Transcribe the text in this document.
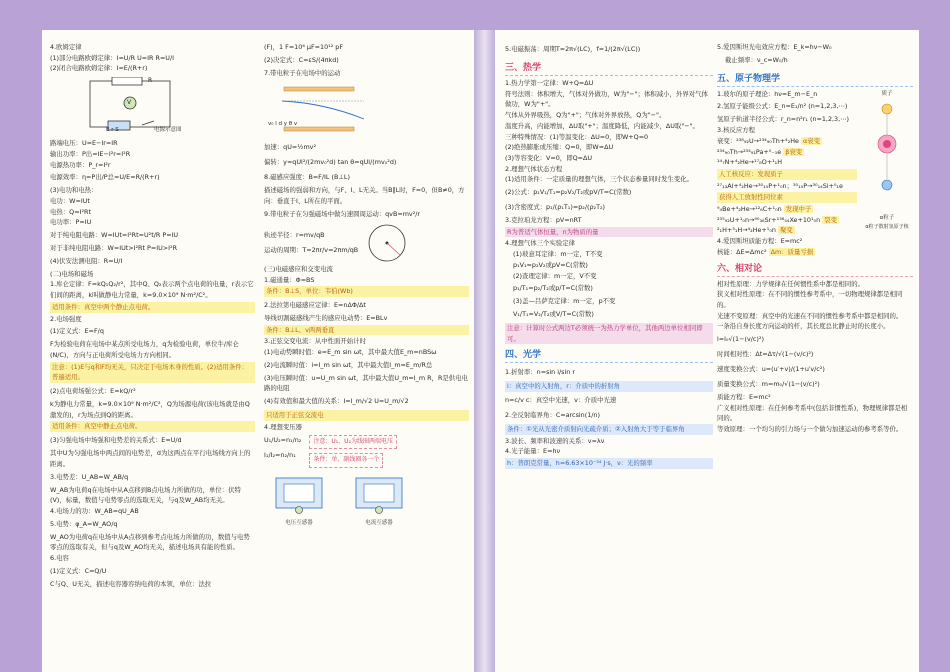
4.欧姆定律
(1)部分电路欧姆定律：I=U/R U=IR R=U/I
(2)闭合电路欧姆定律：I=E/(R+r)
R
V
E r S	电源示意图
路端电压：U=E−Ir=IR
输出功率：P出=IE−I²r=I²R
电源热功率：P_r=I²r
电源效率：η=P出/P总=U/E=R/(R+r)
(3)电功和电热：
电功：W=IUt
电热：Q=I²Rt
电功率：P=IU
对于纯电阻电路：W=IUt=I²Rt=U²t/R P=IU
对于非纯电阻电路：W=IUt>I²Rt P=IU>I²R
(4)伏安法测电阻：R=U/I
(二)电场和磁场
1.库仑定律：F=kQ₁Q₂/r²，其中Q、Q₂表示两个点电荷的电量，r表示它们间的距离，k叫做静电力常量，k=9.0×10⁹ N·m²/C²。
适用条件：真空中两个静止点电荷。
2.电场强度
(1)定义式：E=F/q
F为检验电荷在电场中某点所受电场力，q为检验电荷，单位牛/库仑(N/C)，方向与正电荷所受电场力方向相同。
注意：(1)E与q和F均无关，只决定于电场本身的性质。(2)适用条件：普遍适用。
(2)点电荷场强公式：E=kQ/r²
k为静电力常量，k=9.0×10⁹ N·m²/C²，Q为场源电荷(该电场就是由Q激发的)，r为场点到Q的距离。
适用条件：真空中静止点电荷。
(3)匀强电场中场强和电势差的关系式：E=U/d
其中U为匀强电场中两点间的电势差，d为这两点在平行电场线方向上的距离。
3.电势差：U_AB=W_AB/q
W_AB为电荷q在电场中从A点移到B点电场力所做的功，单位：伏特(V)，标量，数值与电势零点的选取无关，与q及W_AB均无关。
4.电场力的功：W_AB=qU_AB
5.电势：φ_A=W_AO/q
W_AO为电荷q在电场中从A点移到参考点电场力所做的功，数值与电势零点的选取有关，但与q及W_AO均无关，描述电场具有能的性质。
6.电容
(1)定义式：C=Q/U
C与Q、U无关，描述电容器容纳电荷的本领，单位：法拉
(F)，1 F=10⁶ μF=10¹² pF
(2)决定式：C=εS/(4πkd)
7.带电粒子在电场中的运动
v₀ l d y θ v
加速：qU=½mv²
偏转：y=qUl²/(2mv₀²d) tan θ=qUl/(mv₀²d)
8.磁感应强度：B=F/IL (B⊥L)
描述磁场的强弱和方向，与F、I、L无关。当B∥L时，F=0，但B≠0，方向：垂直于I、L所在的平面。
9.带电粒子在匀强磁场中做匀速圆周运动：qvB=mv²/r
轨迹半径：r=mv/qB
运动的周期：T=2πr/v=2πm/qB
(三)电磁感应和交变电流
1.磁通量：Φ=BS
条件：B⊥S，单位：韦伯(Wb)
2.法拉第电磁感应定律：E=nΔΦ/Δt
导线切割磁感线产生的感应电动势：E=BLv
条件：B⊥L、v两两垂直
3.正弦交变电流：从中性面开始计时
(1)电动势瞬时值：e=E_m sin ωt，其中最大值E_m=nBSω
(2)电流瞬时值：i=I_m sin ωt，其中最大值I_m=E_m/R总
(3)电压瞬时值：u=U_m sin ωt，其中最大值U_m=I_m R，R是供电电路的电阻
(4)有效值和最大值的关系：I=I_m/√2 U=U_m/√2
只适用于正弦交流电
4.理想变压器
U₁/U₂=n₁/n₂
I₁/I₂=n₂/n₁
注意：U₁、U₂为线圈两端电压
条件：单、副线圈各一个
电压互感器	电流互感器
5.电磁振荡：周期T=2π√(LC)，f=1/(2π√(LC))
三、热学
1.热力学第一定律：W+Q=ΔU
符号法则：体积增大，气体对外做功，W为"−"；体积减小，外界对气体做功，W为"+"。
气体从外界吸热，Q为"+"；气体对外界放热，Q为"−"。
温度升高，内能增加，ΔU取"+"；温度降低，内能减少，ΔU取"−"。
三种特殊情况：(1)等温变化：ΔU=0，即W+Q=0
(2)绝热膨胀或压缩：Q=0，即W=ΔU
(3)等容变化：V=0，即Q=ΔU
2.理想气体状态方程
(1)适用条件：一定质量的理想气体，三个状态参量同时发生变化。
(2)公式：p₁V₁/T₁=p₂V₂/T₂或pV/T=C(常数)
(3)含密度式：p₁/(ρ₁T₁)=p₂/(ρ₂T₂)
3.克拉珀龙方程：pV=nRT
R为普适气体恒量，n为物质的量
4.理想气体三个实验定律
(1)玻意耳定律：m一定，T不变
p₁V₁=p₂V₂或pV=C(常数)
(2)查理定律：m一定，V不变
p₁/T₁=p₂/T₂或p/T=C(常数)
(3)盖—吕萨克定律：m一定，p不变
V₁/T₁=V₂/T₂或V/T=C(常数)
注意：计算时公式两边T必须统一为热力学单位，其他两边单位相同即可。
四、光学
1.折射率：n=sin i/sin r
i：真空中的入射角，r：介质中的折射角
n=c/v c：真空中光速，v：介质中光速
2.全反射临界角：C=arcsin(1/n)
条件：①光从光密介质射向光疏介质；②入射角大于等于临界角
3.波长、频率和波速的关系：v=λν
4.光子能量：E=hν
h：普朗克常量，h=6.63×10⁻³⁴ J·s，ν：光的频率
5.爱因斯坦光电效应方程：E_k=hν−W₀
截止频率：ν_c=W₀/h
五、原子物理学
1.玻尔的原子理论：hν=E_m−E_n
2.氢原子能级公式：E_n=E₁/n² (n=1,2,3,⋯)
氢原子轨道半径公式：r_n=n²r₁ (n=1,2,3,⋯)
3.核反应方程
衰变：²³⁸₉₂U→²³⁴₉₀Th+⁴₂He α衰变
²³⁴₉₀Th→²³⁴₉₁Pa+⁰₋₁e β衰变
¹⁴₇N+⁴₂He→¹⁷₈O+¹₁H
人工核反应：发现质子
²⁷₁₃Al+⁴₂He→³⁰₁₅P+¹₀n；³⁰₁₅P→³⁰₁₄Si+⁰₁e
获得人工放射性同位素
⁹₄Be+⁴₂He→¹²₆C+¹₀n 发现中子
²³⁵₉₂U+¹₀n→⁹⁰₃₈Sr+¹³⁶₅₄Xe+10¹₀n 裂变
²₁H+³₁H→⁴₂He+¹₀n 聚变
4.爱因斯坦质能方程：E=mc²
核能：ΔE=Δmc² Δm：质量亏损
质子
α粒子
α粒子散射氢原子核
六、相对论
相对性原理：力学规律在任何惯性系中都是相同的。
狭义相对性原理：在不同的惯性参考系中，一切物理规律都是相同的。
光速不变原理：真空中的光速在不同的惯性参考系中都是相同的。
一条沿自身长度方向运动的杆，其长度总比静止时的长度小。
l=l₀√(1−(v/c)²)
时间相对性：Δt=Δτ/√(1−(v/c)²)
速度变换公式：u=(u′+v)/(1+u′v/c²)
质量变换公式：m=m₀/√(1−(v/c)²)
质能方程：E=mc²
广义相对性原理：在任何参考系中(包括非惯性系)，物理规律都是相同的。
等效原理：一个均匀的引力场与一个做匀加速运动的参考系等价。
